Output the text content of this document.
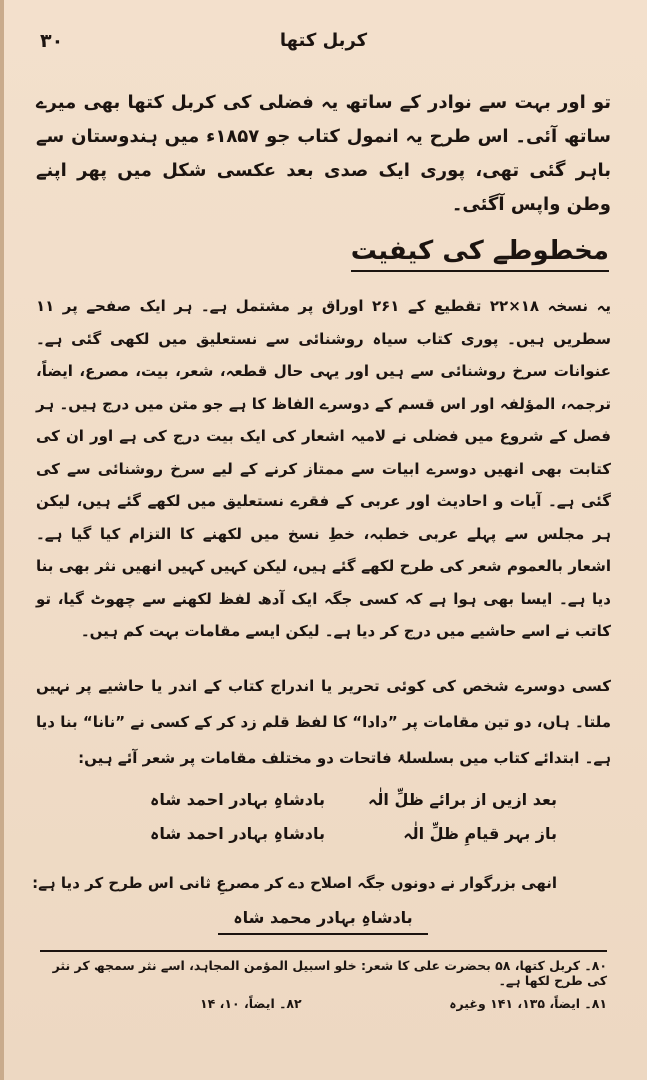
۳۰	کربل کتھا

تو اور بہت سے نوادر کے ساتھ یہ فضلی کی کربل کتھا بھی میرے ساتھ آئی۔ اس طرح یہ انمول کتاب جو ۱۸۵۷ء میں ہندوستان سے باہر گئی تھی، پوری ایک صدی بعد عکسی شکل میں پھر اپنے وطن واپس آگئی۔

مخطوطے کی کیفیت

یہ نسخہ ۱۸×۲۲ تقطیع کے ۲۶۱ اوراق پر مشتمل ہے۔ ہر ایک صفحے پر ۱۱ سطریں ہیں۔ پوری کتاب سیاہ روشنائی سے نستعلیق میں لکھی گئی ہے۔ عنوانات سرخ روشنائی سے ہیں اور یہی حال قطعہ، شعر، بیت، مصرع، ایضاً، ترجمہ، المؤلفہ اور اس قسم کے دوسرے الفاظ کا ہے جو متن میں درج ہیں۔ ہر فصل کے شروع میں فضلی نے لامیہ اشعار کی ایک بیت درج کی ہے اور ان کی کتابت بھی انھیں دوسرے ابیات سے ممتاز کرنے کے لیے سرخ روشنائی سے کی گئی ہے۔ آیات و احادیث اور عربی کے فقرے نستعلیق میں لکھے گئے ہیں، لیکن ہر مجلس سے پہلے عربی خطبہ، خطِ نسخ میں لکھنے کا التزام کیا گیا ہے۔ اشعار بالعموم شعر کی طرح لکھے گئے ہیں، لیکن کہیں کہیں انھیں نثر بھی بنا دیا ہے۔ ایسا بھی ہوا ہے کہ کسی جگہ ایک آدھ لفظ لکھنے سے چھوٹ گیا، تو کاتب نے اسے حاشیے میں درج کر دیا ہے۔ لیکن ایسے مقامات بہت کم ہیں۔

کسی دوسرے شخص کی کوئی تحریر یا اندراج کتاب کے اندر یا حاشیے پر نہیں ملتا۔ ہاں، دو تین مقامات پر ”دادا“ کا لفظ قلم زد کر کے کسی نے ”نانا“ بنا دیا ہے۔ ابتدائے کتاب میں بسلسلۂ فاتحات دو مختلف مقامات پر شعر آئے ہیں:

بعد ازیں از برائے ظلِّ الٰہ
بادشاہِ بہادر احمد شاہ
باز بہر قیامِ ظلِّ الٰہ
بادشاہِ بہادر احمد شاہ
انھی بزرگوار نے دونوں جگہ اصلاح دے کر مصرعِ ثانی اس طرح کر دیا ہے:
بادشاہِ بہادر محمد شاہ
۸۰۔ کربل کتھا، ۵۸ بحضرت علی کا شعر: خلو اسبیل المؤمن المجاہد، اسے نثر سمجھ کر نثر کی طرح لکھا ہے۔
۸۱۔ ایضاً، ۱۳۵، ۱۴۱ وغیرہ
۸۲۔ ایضاً، ۱۰، ۱۴
